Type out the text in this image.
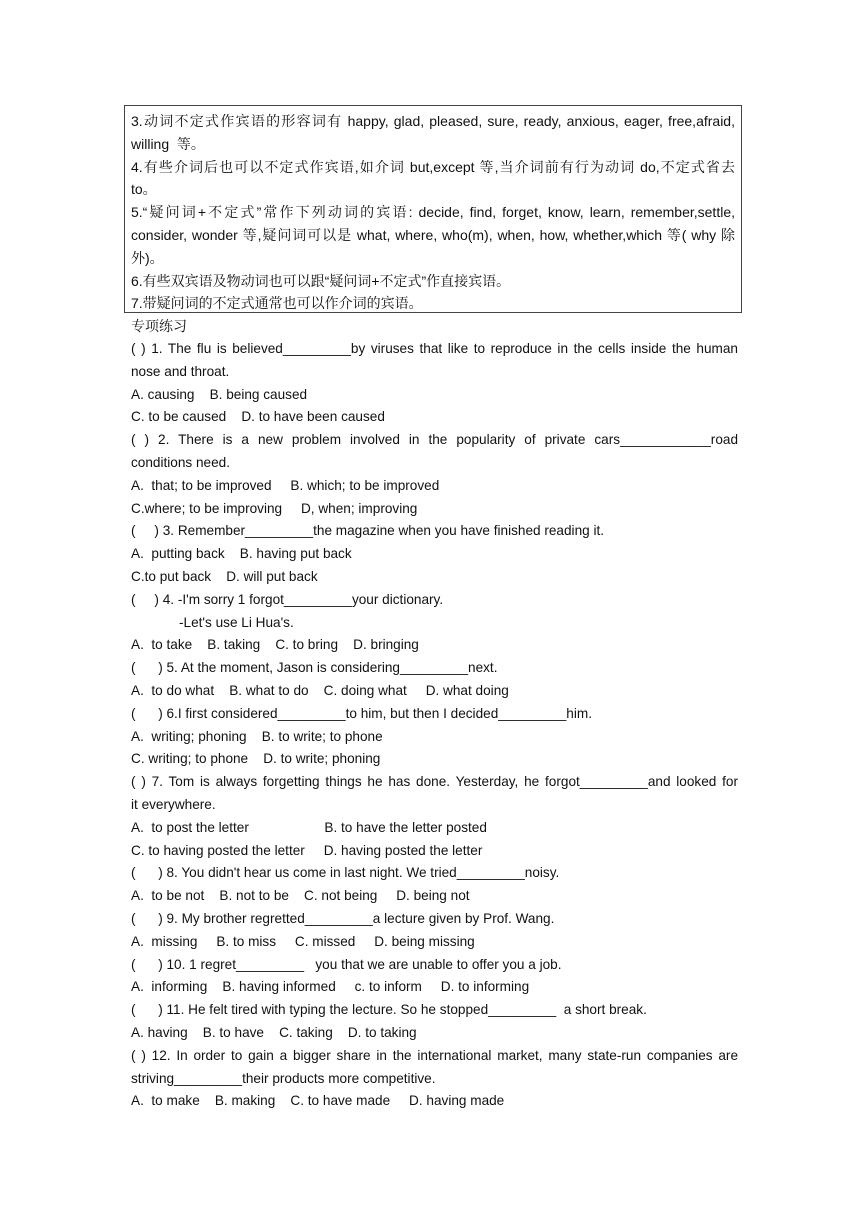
3.动词不定式作宾语的形容词有 happy, glad, pleased, sure, ready, anxious, eager, free,afraid,

willing  等。

4.有些介词后也可以不定式作宾语,如介词 but,except 等,当介词前有行为动词 do,不定式省去

to。

5.“疑问词+不定式”常作下列动词的宾语: decide, find, forget, know, learn, remember,settle,

consider, wonder 等,疑问词可以是 what, where, who(m), when, how, whether,which 等( why 除

外)。

6.有些双宾语及物动词也可以跟“疑问词+不定式”作直接宾语。

7.带疑问词的不定式通常也可以作介词的宾语。

专项练习
( ) 1. The flu is believed_________by viruses that like to reproduce in the cells inside the human
nose and throat.
A. causing    B. being caused
C. to be caused    D. to have been caused
( ) 2. There is a new problem involved in the popularity of private cars____________road
conditions need.
A.  that; to be improved     B. which; to be improved
C.where; to be improving     D, when; improving
(     ) 3. Remember_________the magazine when you have finished reading it.
A.  putting back    B. having put back
C.to put back    D. will put back
(     ) 4. -I'm sorry 1 forgot_________your dictionary.
-Let's use Li Hua's.
A.  to take    B. taking    C. to bring    D. bringing
(      ) 5. At the moment, Jason is considering_________next.
A.  to do what    B. what to do    C. doing what     D. what doing
(      ) 6.I first considered_________to him, but then I decided_________him.
A.  writing; phoning    B. to write; to phone
C. writing; to phone    D. to write; phoning
( ) 7. Tom is always forgetting things he has done. Yesterday, he forgot_________and looked for
it everywhere.
A.  to post the letter                    B. to have the letter posted
C. to having posted the letter     D. having posted the letter
(      ) 8. You didn't hear us come in last night. We tried_________noisy.
A.  to be not    B. not to be    C. not being     D. being not
(      ) 9. My brother regretted_________a lecture given by Prof. Wang.
A.  missing     B. to miss     C. missed     D. being missing
(      ) 10. 1 regret_________   you that we are unable to offer you a job.
A.  informing    B. having informed     c. to inform     D. to informing
(      ) 11. He felt tired with typing the lecture. So he stopped_________  a short break.
A. having    B. to have    C. taking    D. to taking
( ) 12. In order to gain a bigger share in the international market, many state-run companies are
striving_________their products more competitive.
A.  to make    B. making    C. to have made     D. having made
